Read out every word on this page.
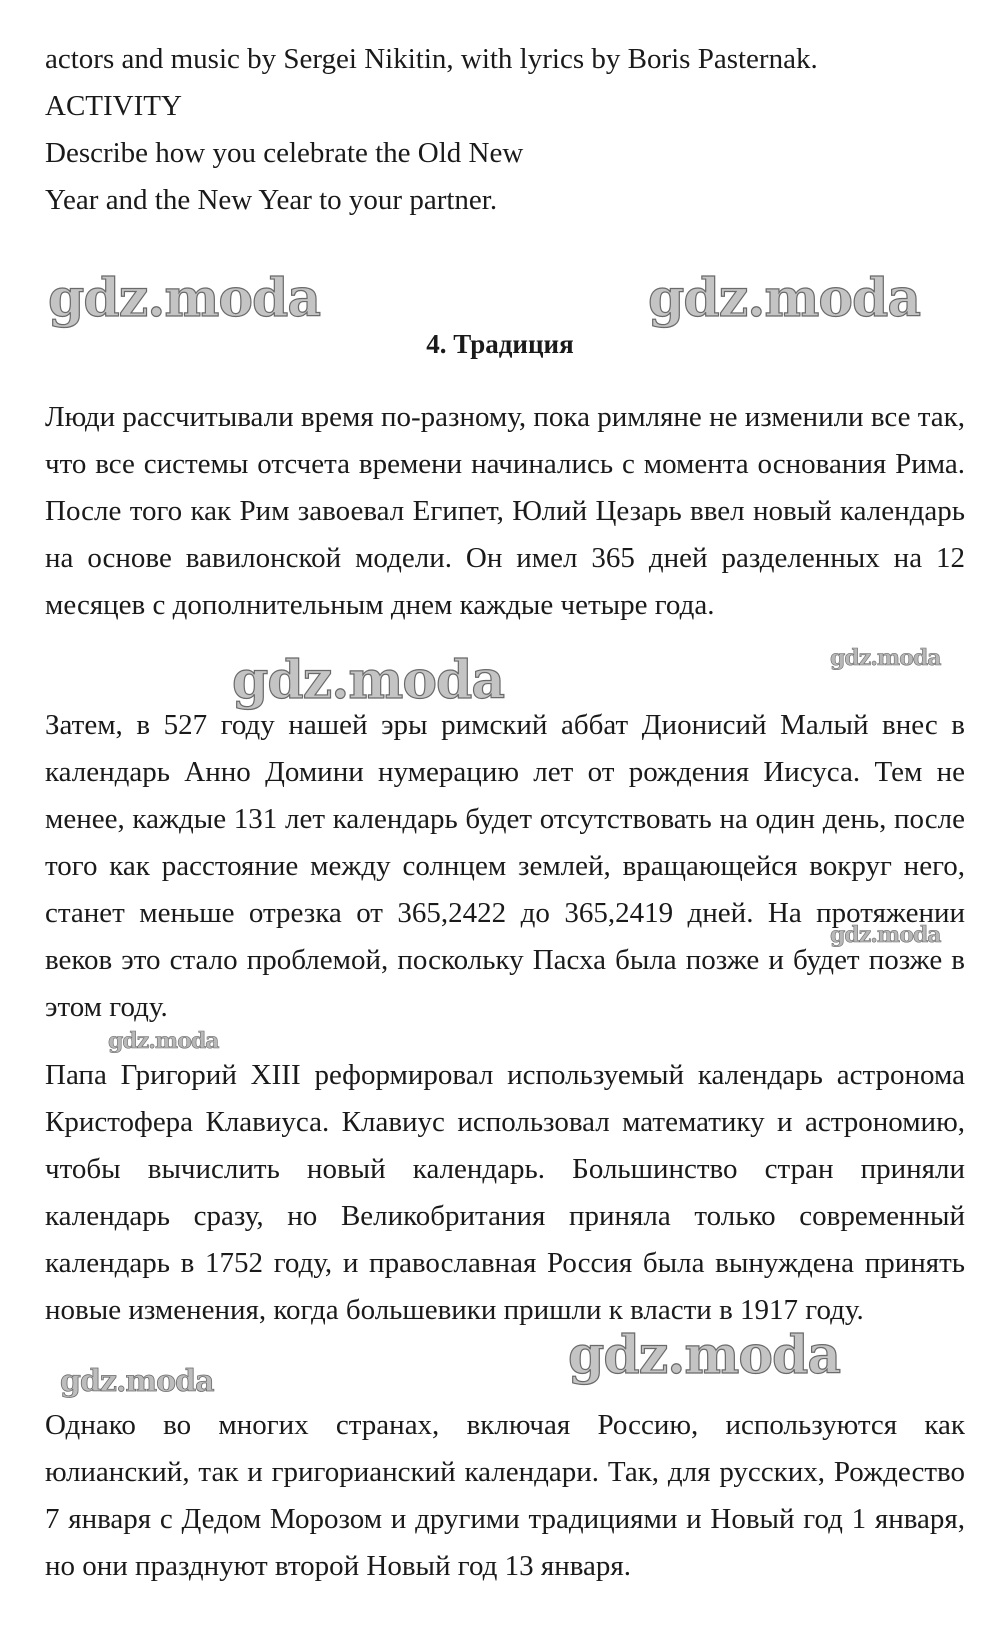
actors and music by Sergei Nikitin, with lyrics by Boris Pasternak.

ACTIVITY

Describe how you celebrate the Old New

Year and the New Year to your partner.

gdz.moda	gdz.moda
4. Традиция

Люди рассчитывали время по-разному, пока римляне не изменили все так, что все системы отсчета времени начинались с момента основания Рима. После того как Рим завоевал Египет, Юлий Цезарь ввел новый календарь на основе вавилонской модели. Он имел 365 дней разделенных на 12 месяцев с дополнительным днем каждые четыре года.

gdz.moda	gdz.moda

Затем, в 527 году нашей эры римский аббат Дионисий Малый внес в календарь Анно Домини нумерацию лет от рождения Иисуса. Тем не менее, каждые 131 лет календарь будет отсутствовать на один день, после того как расстояние между солнцем землей, вращающейся вокруг него, станет меньше отрезка от 365,2422 до 365,2419 дней. На протяжении веков это стало проблемой, поскольку Пасха была позже и будет позже в этом году.

gdz.moda
gdz.moda

Папа Григорий XIII реформировал используемый календарь астронома Кристофера Клавиуса. Клавиус использовал математику и астрономию, чтобы вычислить новый календарь. Большинство стран приняли календарь сразу, но Великобритания приняла только современный календарь в 1752 году, и православная Россия была вынуждена принять новые изменения, когда большевики пришли к власти в 1917 году.

gdz.moda
gdz.moda

Однако во многих странах, включая Россию, используются как юлианский, так и григорианский календари. Так, для русских, Рождество 7 января с Дедом Морозом и другими традициями и Новый год 1 января, но они празднуют второй Новый год 13 января.
